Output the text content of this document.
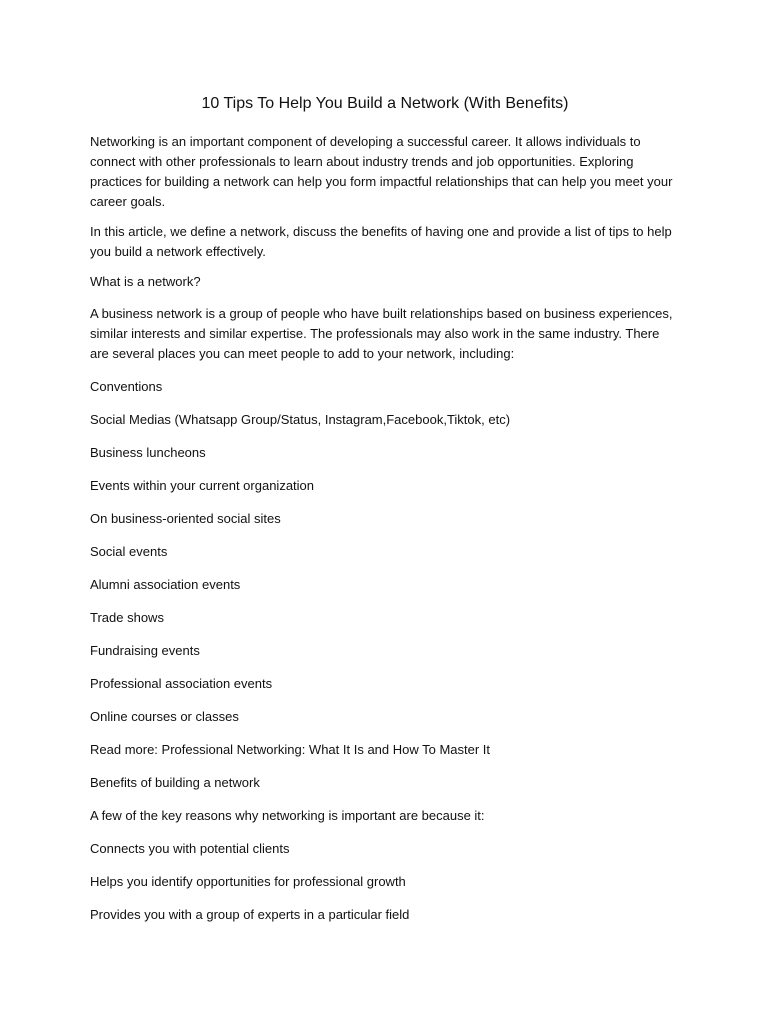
10 Tips To Help You Build a Network (With Benefits)

Networking is an important component of developing a successful career. It allows individuals to connect with other professionals to learn about industry trends and job opportunities. Exploring practices for building a network can help you form impactful relationships that can help you meet your career goals.

In this article, we define a network, discuss the benefits of having one and provide a list of tips to help you build a network effectively.

What is a network?

A business network is a group of people who have built relationships based on business experiences, similar interests and similar expertise. The professionals may also work in the same industry. There are several places you can meet people to add to your network, including:

Conventions

Social Medias (Whatsapp Group/Status, Instagram,Facebook,Tiktok, etc)

Business luncheons

Events within your current organization

On business-oriented social sites

Social events

Alumni association events

Trade shows

Fundraising events

Professional association events

Online courses or classes

Read more: Professional Networking: What It Is and How To Master It

Benefits of building a network

A few of the key reasons why networking is important are because it:

Connects you with potential clients

Helps you identify opportunities for professional growth

Provides you with a group of experts in a particular field
